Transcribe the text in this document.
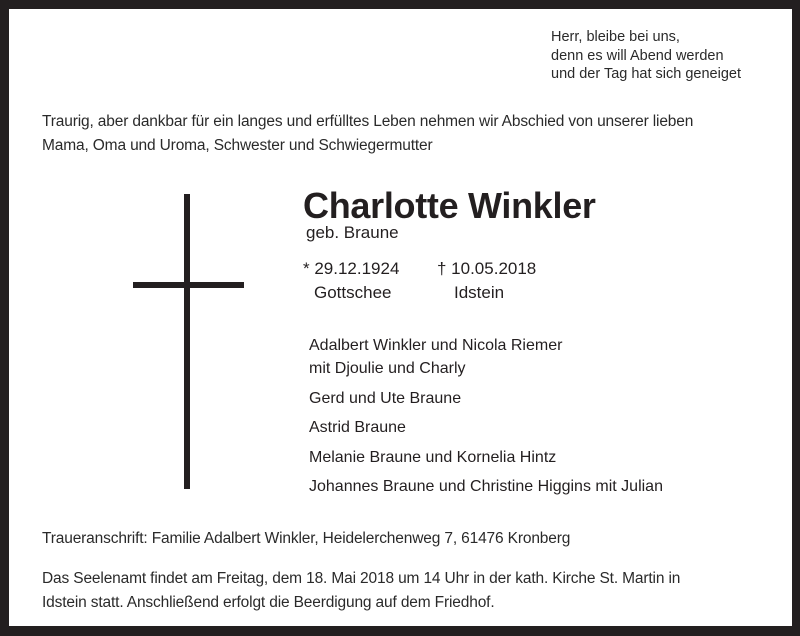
Herr, bleibe bei uns,
denn es will Abend werden
und der Tag hat sich geneiget
Traurig, aber dankbar für ein langes und erfülltes Leben nehmen wir Abschied von unserer lieben
Mama, Oma und Uroma, Schwester und Schwiegermutter
Charlotte Winkler
geb. Braune
* 29.12.1924
Gottschee
† 10.05.2018
Idstein
Adalbert Winkler und Nicola Riemer
mit Djoulie und Charly
Gerd und Ute Braune
Astrid Braune
Melanie Braune und Kornelia Hintz
Johannes Braune und Christine Higgins mit Julian
Traueranschrift: Familie Adalbert Winkler, Heidelerchenweg 7, 61476 Kronberg
Das Seelenamt findet am Freitag, dem 18. Mai 2018 um 14 Uhr in der kath. Kirche St. Martin in
Idstein statt. Anschließend erfolgt die Beerdigung auf dem Friedhof.
